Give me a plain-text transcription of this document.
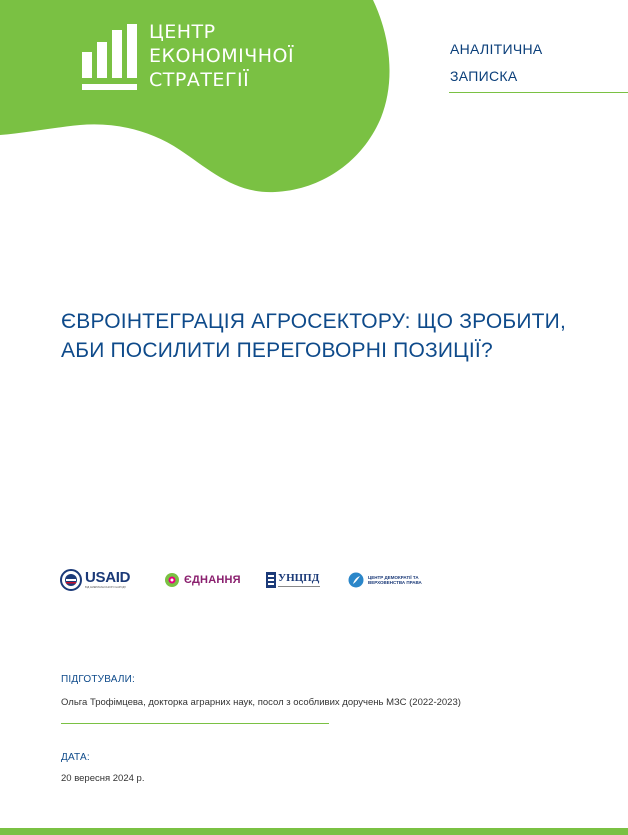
ЦЕНТР
ЕКОНОМІЧНОЇ
СТРАТЕГІЇ
АНАЛІТИЧНА
ЗАПИСКА
ЄВРОІНТЕГРАЦІЯ АГРОСЕКТОРУ: ЩО ЗРОБИТИ,
АБИ ПОСИЛИТИ ПЕРЕГОВОРНІ ПОЗИЦІЇ?
USAID
ВІД АМЕРИКАНСЬКОГО НАРОДУ
ЄДНАННЯ	УНЦПД	ЦЕНТР ДЕМОКРАТІЇ ТА
ВЕРХОВЕНСТВА ПРАВА
ПІДГОТУВАЛИ:
Ольга Трофімцева, докторка аграрних наук, посол з особливих доручень МЗС (2022-2023)
ДАТА:
20 вересня 2024 р.
